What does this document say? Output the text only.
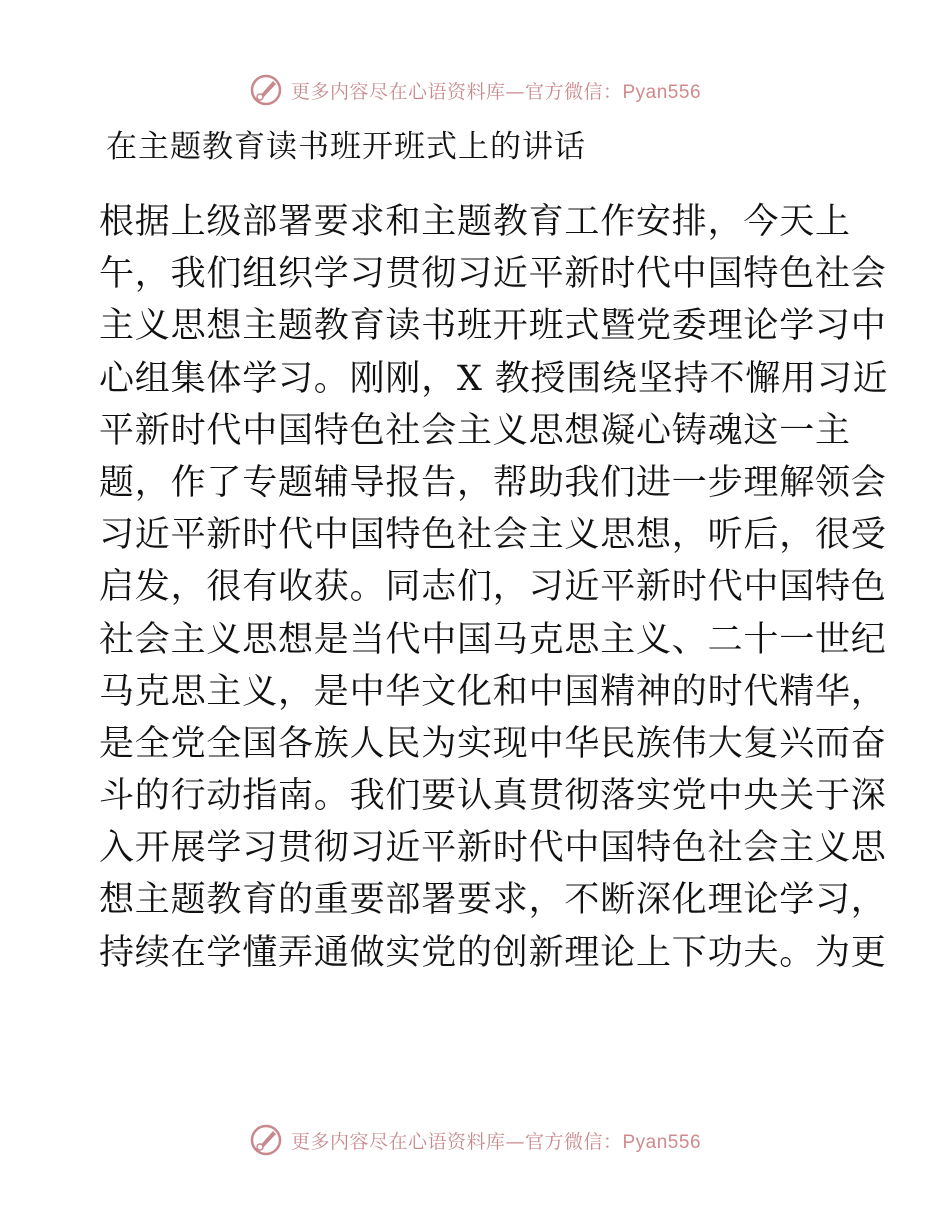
更多内容尽在心语资料库—官方微信：Pyan556
在主题教育读书班开班式上的讲话
根据上级部署要求和主题教育工作安排，今天上
午，我们组织学习贯彻习近平新时代中国特色社会
主义思想主题教育读书班开班式暨党委理论学习中
心组集体学习。刚刚，X 教授围绕坚持不懈用习近
平新时代中国特色社会主义思想凝心铸魂这一主
题，作了专题辅导报告，帮助我们进一步理解领会
习近平新时代中国特色社会主义思想，听后，很受
启发，很有收获。同志们，习近平新时代中国特色
社会主义思想是当代中国马克思主义、二十一世纪
马克思主义，是中华文化和中国精神的时代精华，
是全党全国各族人民为实现中华民族伟大复兴而奋
斗的行动指南。我们要认真贯彻落实党中央关于深
入开展学习贯彻习近平新时代中国特色社会主义思
想主题教育的重要部署要求，不断深化理论学习，
持续在学懂弄通做实党的创新理论上下功夫。为更
更多内容尽在心语资料库—官方微信：Pyan556
